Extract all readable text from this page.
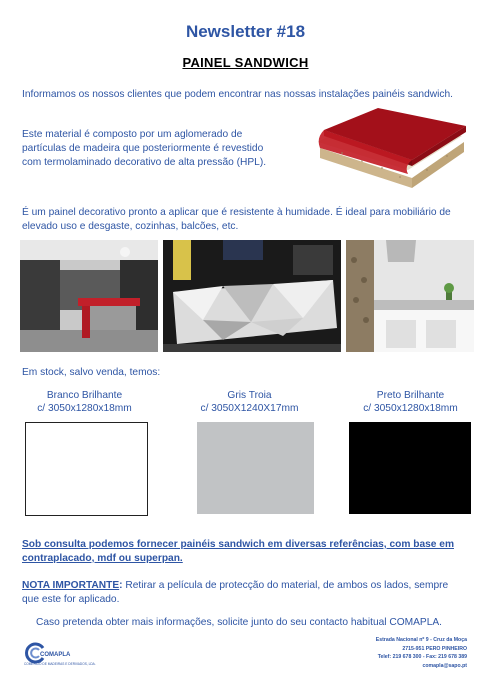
Newsletter #18
PAINEL SANDWICH
Informamos os nossos clientes que podem encontrar nas nossas instalações painéis sandwich.
Este material é composto por um aglomerado de
partículas de madeira que posteriormente é revestido
com termolaminado decorativo de alta pressão (HPL).
É um painel decorativo pronto a aplicar que é resistente à humidade. É ideal para mobiliário de
elevado uso e desgaste, cozinhas, balcões, etc.
Em stock, salvo venda, temos:
Branco Brilhante
c/ 3050x1280x18mm
Gris Troia
c/ 3050X1240X17mm
Preto Brilhante
c/ 3050x1280x18mm
Sob consulta podemos fornecer painéis sandwich em diversas referências, com base em
contraplacado, mdf ou superpan.
NOTA IMPORTANTE: Retirar a película de protecção do material, de ambos os lados, sempre
que este for aplicado.
Caso pretenda obter mais informações, solicite junto do seu contacto habitual COMAPLA.
COMAPLA
COMERCIO DE MADEIRAS E DERIVADOS, LDA.
Estrada Nacional nº 9 - Cruz da Moça
2715-951 PERO PINHEIRO
Telef: 219 678 300 - Fax: 219 678 389
comapla@sapo.pt
